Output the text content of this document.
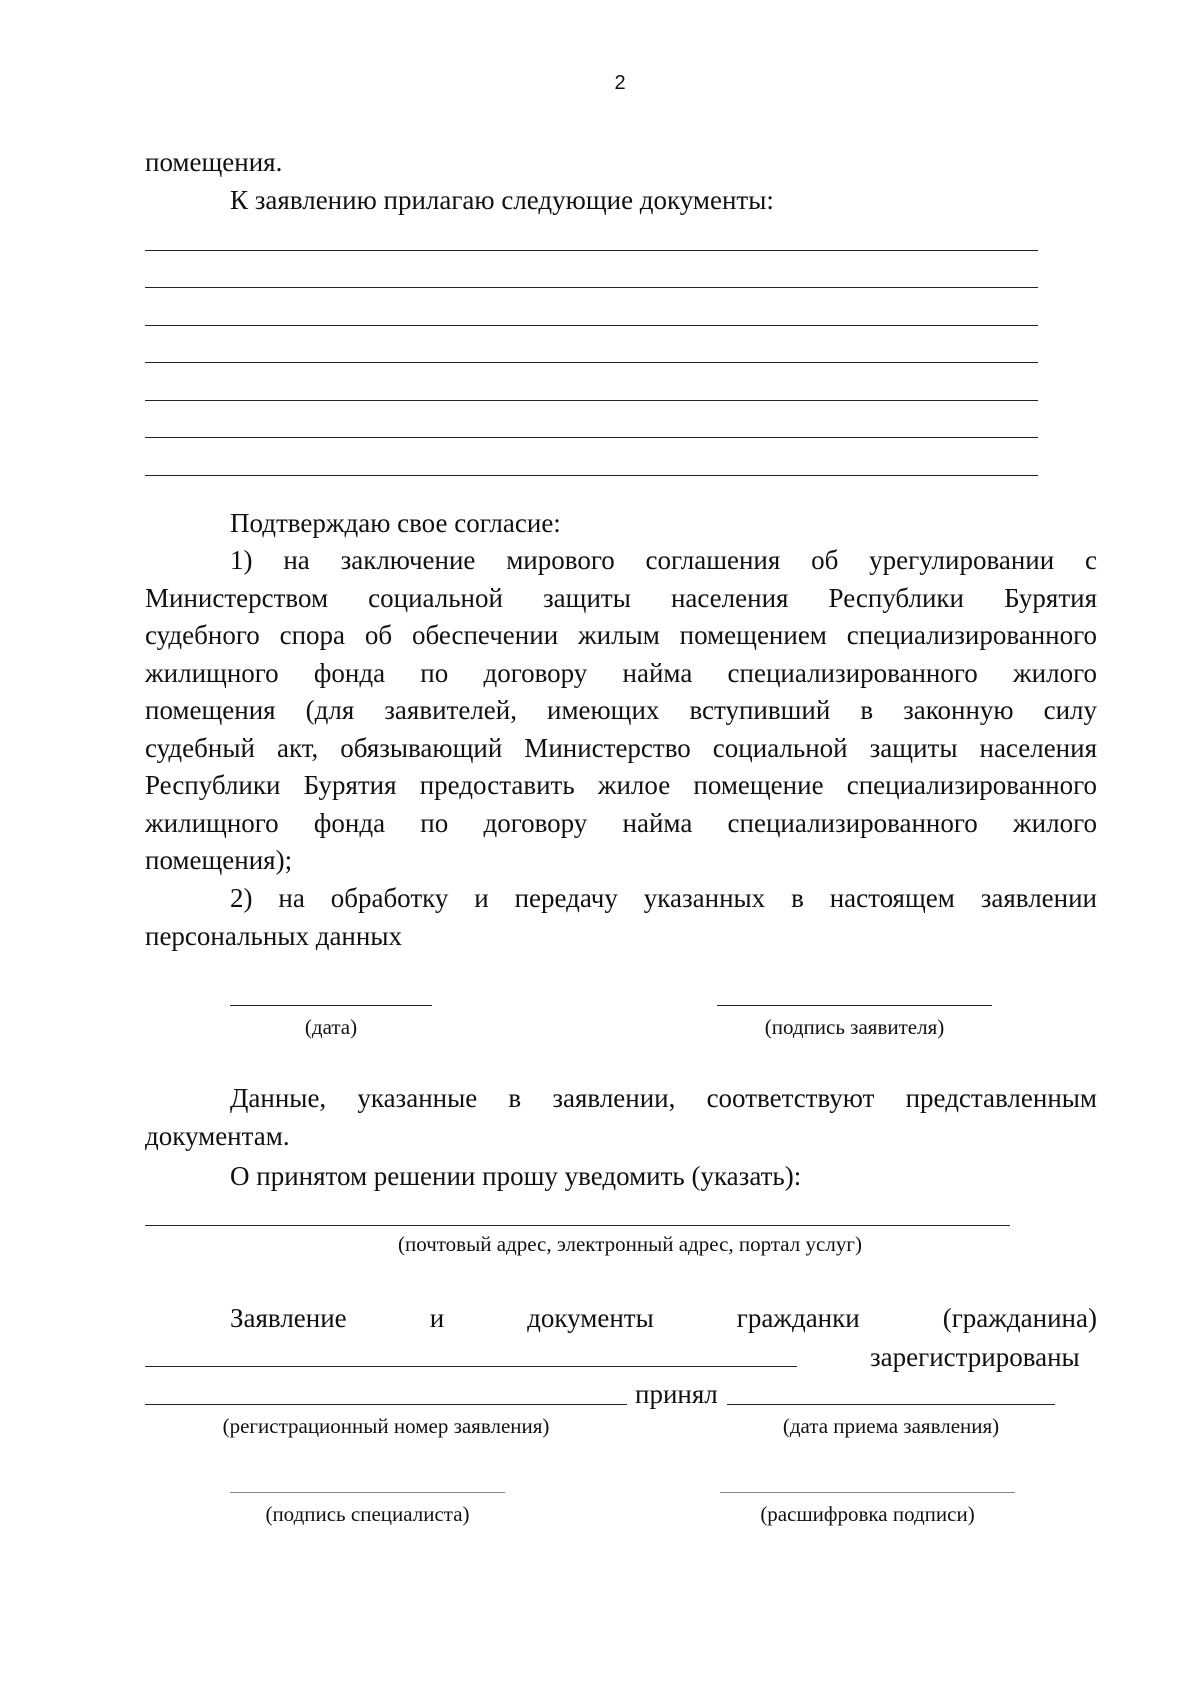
2
помещения.
К заявлению прилагаю следующие документы:
Подтверждаю свое согласие:
1) на заключение мирового соглашения об урегулировании с
Министерством социальной защиты населения Республики Бурятия
судебного спора об обеспечении жилым помещением специализированного
жилищного фонда по договору найма специализированного жилого
помещения (для заявителей, имеющих вступивший в законную силу
судебный акт, обязывающий Министерство социальной защиты населения
Республики Бурятия предоставить жилое помещение специализированного
жилищного фонда по договору найма специализированного жилого
помещения);
2) на обработку и передачу указанных в настоящем заявлении
персональных данных
(дата)	(подпись заявителя)
Данные, указанные в заявлении, соответствуют представленным
документам.
О принятом решении прошу уведомить (указать):
(почтовый адрес, электронный адрес, портал услуг)
Заявление	и	документы	гражданки	(гражданина)
зарегистрированы
принял
(регистрационный номер заявления)	(дата приема заявления)
(подпись специалиста)	(расшифровка подписи)
